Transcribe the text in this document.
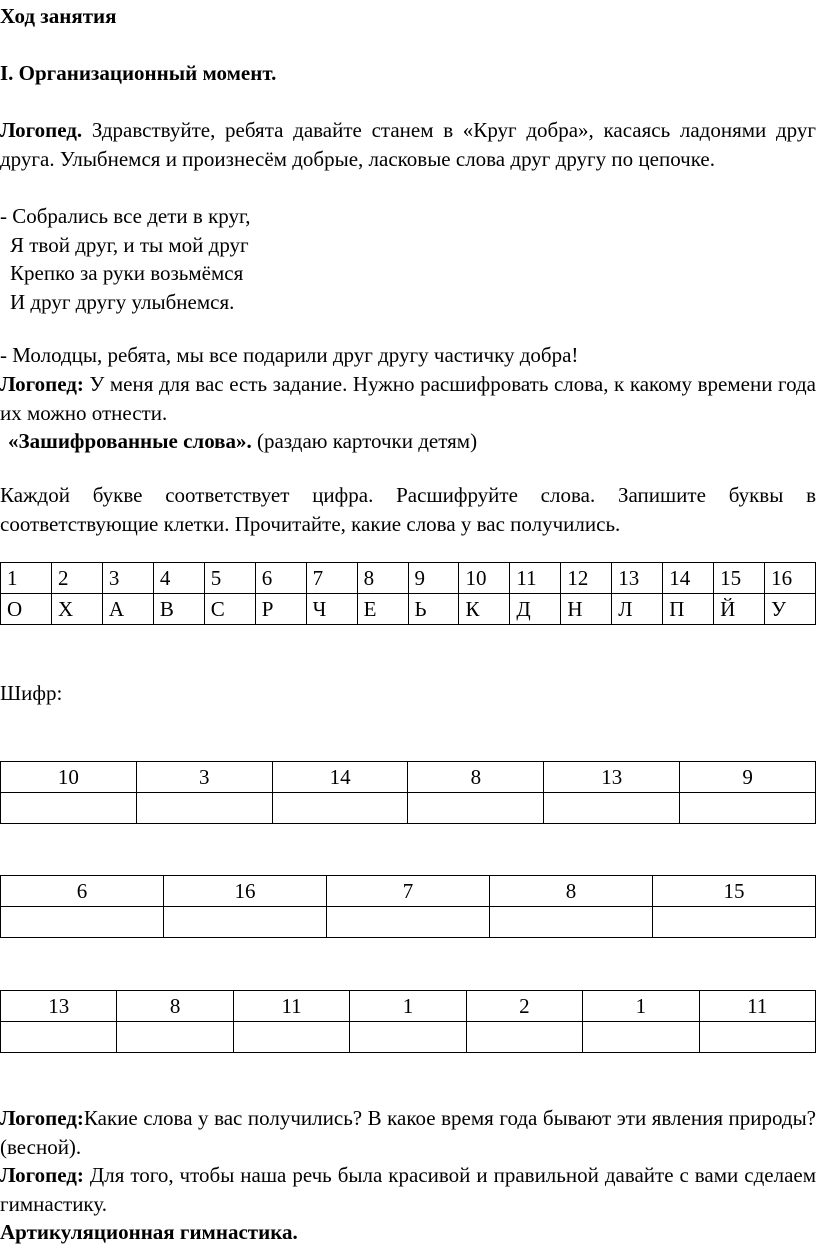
Ход занятия

I. Организационный момент.

Логопед. Здравствуйте, ребята давайте станем в «Круг добра», касаясь ладонями друг друга. Улыбнемся и произнесём добрые, ласковые слова друг другу по цепочке.

- Собрались все дети в круг,
Я твой друг, и ты мой друг
Крепко за руки возьмёмся
И друг другу улыбнемся.

- Молодцы, ребята, мы все подарили друг другу частичку добра!

Логопед: У меня для вас есть задание. Нужно расшифровать слова, к какому времени года их можно отнести.

«Зашифрованные слова». (раздаю карточки детям)

Каждой букве соответствует цифра. Расшифруйте слова. Запишите буквы в соответствующие клетки. Прочитайте, какие слова у вас получились.

1	2	3	4	5	6	7	8	9	10	11	12	13	14	15	16
О	Х	А	В	С	Р	Ч	Е	Ь	К	Д	Н	Л	П	Й	У

Шифр:

10	3	14	8	13	9

6	16	7	8	15

13	8	11	1	2	1	11

Логопед:Какие слова у вас получились? В какое время года бывают эти явления природы? (весной).

Логопед: Для того, чтобы наша речь была красивой и правильной давайте с вами сделаем гимнастику.

Артикуляционная гимнастика.
